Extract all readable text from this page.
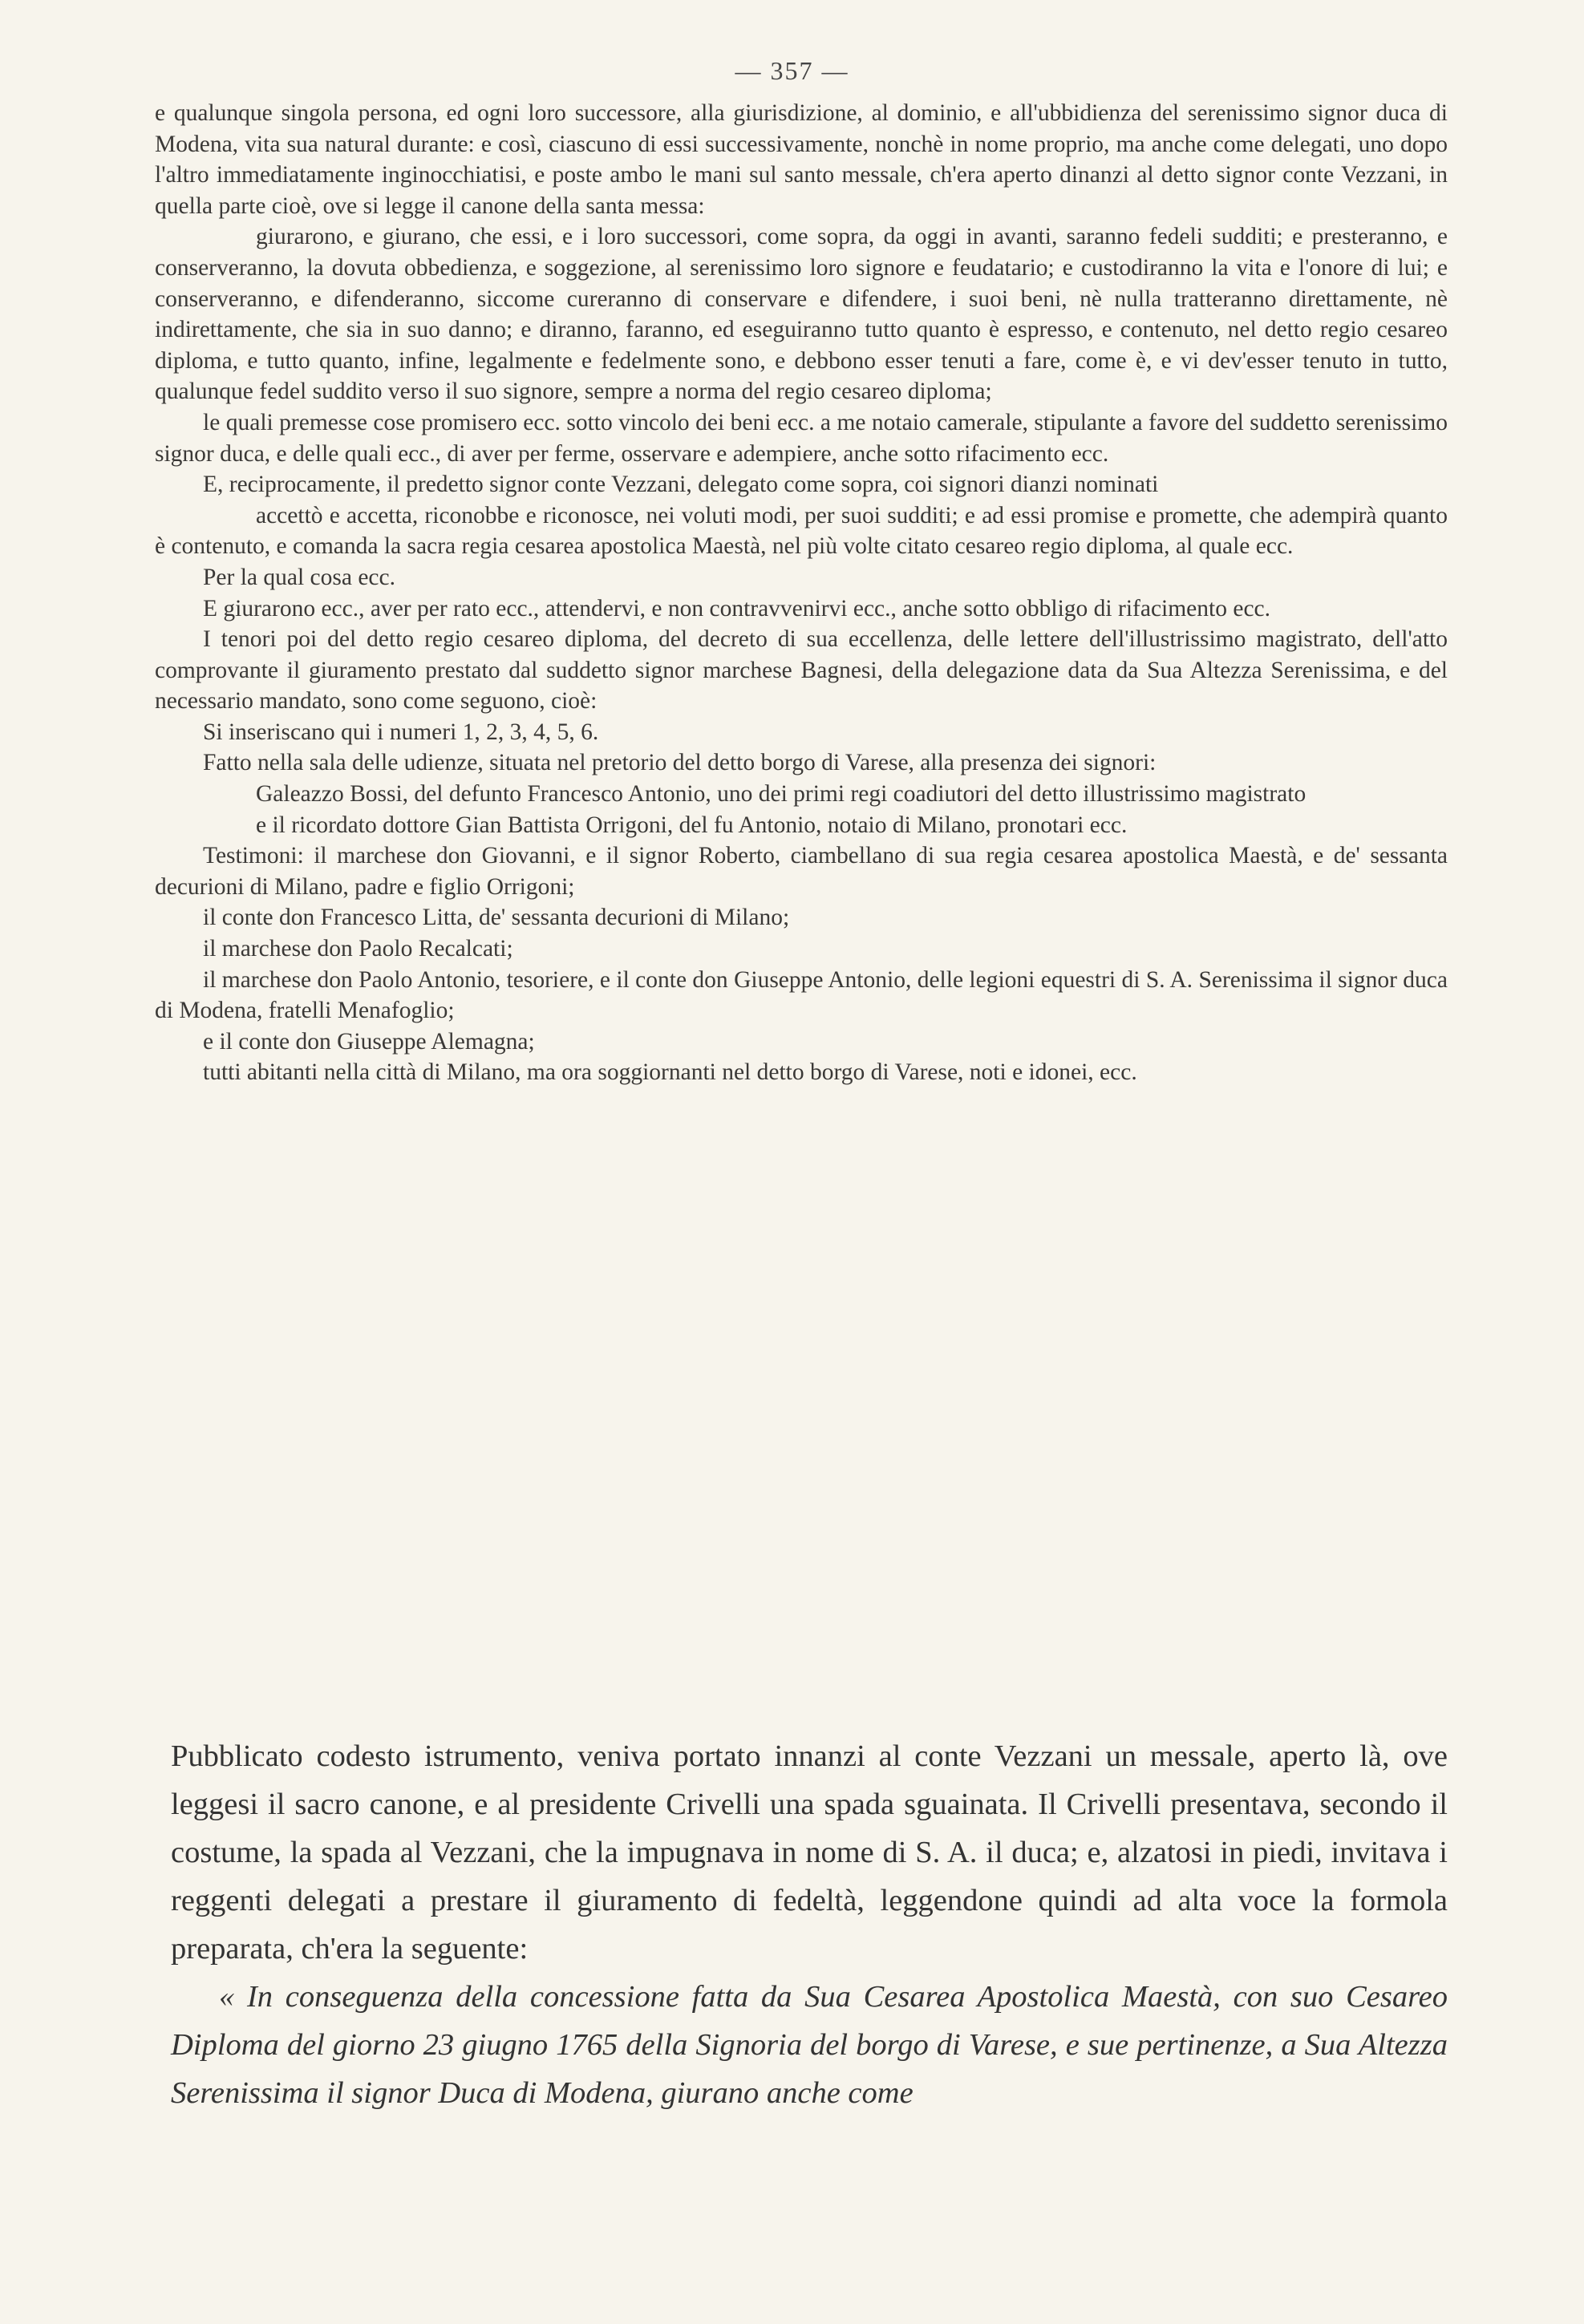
— 357 —

e qualunque singola persona, ed ogni loro successore, alla giurisdizione, al dominio, e all'ubbidienza del serenissimo signor duca di Modena, vita sua natural durante: e così, ciascuno di essi successivamente, nonchè in nome proprio, ma anche come delegati, uno dopo l'altro immediatamente inginocchiatisi, e poste ambo le mani sul santo messale, ch'era aperto dinanzi al detto signor conte Vezzani, in quella parte cioè, ove si legge il canone della santa messa:

giurarono, e giurano, che essi, e i loro successori, come sopra, da oggi in avanti, saranno fedeli sudditi; e presteranno, e conserveranno, la dovuta obbedienza, e soggezione, al serenissimo loro signore e feudatario; e custodiranno la vita e l'onore di lui; e conserveranno, e difenderanno, siccome cureranno di conservare e difendere, i suoi beni, nè nulla tratteranno direttamente, nè indirettamente, che sia in suo danno; e diranno, faranno, ed eseguiranno tutto quanto è espresso, e contenuto, nel detto regio cesareo diploma, e tutto quanto, infine, legalmente e fedelmente sono, e debbono esser tenuti a fare, come è, e vi dev'esser tenuto in tutto, qualunque fedel suddito verso il suo signore, sempre a norma del regio cesareo diploma;

le quali premesse cose promisero ecc. sotto vincolo dei beni ecc. a me notaio camerale, stipulante a favore del suddetto serenissimo signor duca, e delle quali ecc., di aver per ferme, osservare e adempiere, anche sotto rifacimento ecc.

E, reciprocamente, il predetto signor conte Vezzani, delegato come sopra, coi signori dianzi nominati

accettò e accetta, riconobbe e riconosce, nei voluti modi, per suoi sudditi; e ad essi promise e promette, che adempirà quanto è contenuto, e comanda la sacra regia cesarea apostolica Maestà, nel più volte citato cesareo regio diploma, al quale ecc.

Per la qual cosa ecc.

E giurarono ecc., aver per rato ecc., attendervi, e non contravvenirvi ecc., anche sotto obbligo di rifacimento ecc.

I tenori poi del detto regio cesareo diploma, del decreto di sua eccellenza, delle lettere dell'illustrissimo magistrato, dell'atto comprovante il giuramento prestato dal suddetto signor marchese Bagnesi, della delegazione data da Sua Altezza Serenissima, e del necessario mandato, sono come seguono, cioè:

Si inseriscano qui i numeri 1, 2, 3, 4, 5, 6.

Fatto nella sala delle udienze, situata nel pretorio del detto borgo di Varese, alla presenza dei signori:

Galeazzo Bossi, del defunto Francesco Antonio, uno dei primi regi coadiutori del detto illustrissimo magistrato

e il ricordato dottore Gian Battista Orrigoni, del fu Antonio, notaio di Milano, pronotari ecc.

Testimoni: il marchese don Giovanni, e il signor Roberto, ciambellano di sua regia cesarea apostolica Maestà, e de' sessanta decurioni di Milano, padre e figlio Orrigoni;

il conte don Francesco Litta, de' sessanta decurioni di Milano;

il marchese don Paolo Recalcati;

il marchese don Paolo Antonio, tesoriere, e il conte don Giuseppe Antonio, delle legioni equestri di S. A. Serenissima il signor duca di Modena, fratelli Menafoglio;

e il conte don Giuseppe Alemagna;

tutti abitanti nella città di Milano, ma ora soggiornanti nel detto borgo di Varese, noti e idonei, ecc.

Pubblicato codesto istrumento, veniva portato innanzi al conte Vezzani un messale, aperto là, ove leggesi il sacro canone, e al presidente Crivelli una spada sguainata. Il Crivelli presentava, secondo il costume, la spada al Vezzani, che la impugnava in nome di S. A. il duca; e, alzatosi in piedi, invitava i reggenti delegati a prestare il giuramento di fedeltà, leggendone quindi ad alta voce la formola preparata, ch'era la seguente:

« In conseguenza della concessione fatta da Sua Cesarea Apostolica Maestà, con suo Cesareo Diploma del giorno 23 giugno 1765 della Signoria del borgo di Varese, e sue pertinenze, a Sua Altezza Serenissima il signor Duca di Modena, giurano anche come
